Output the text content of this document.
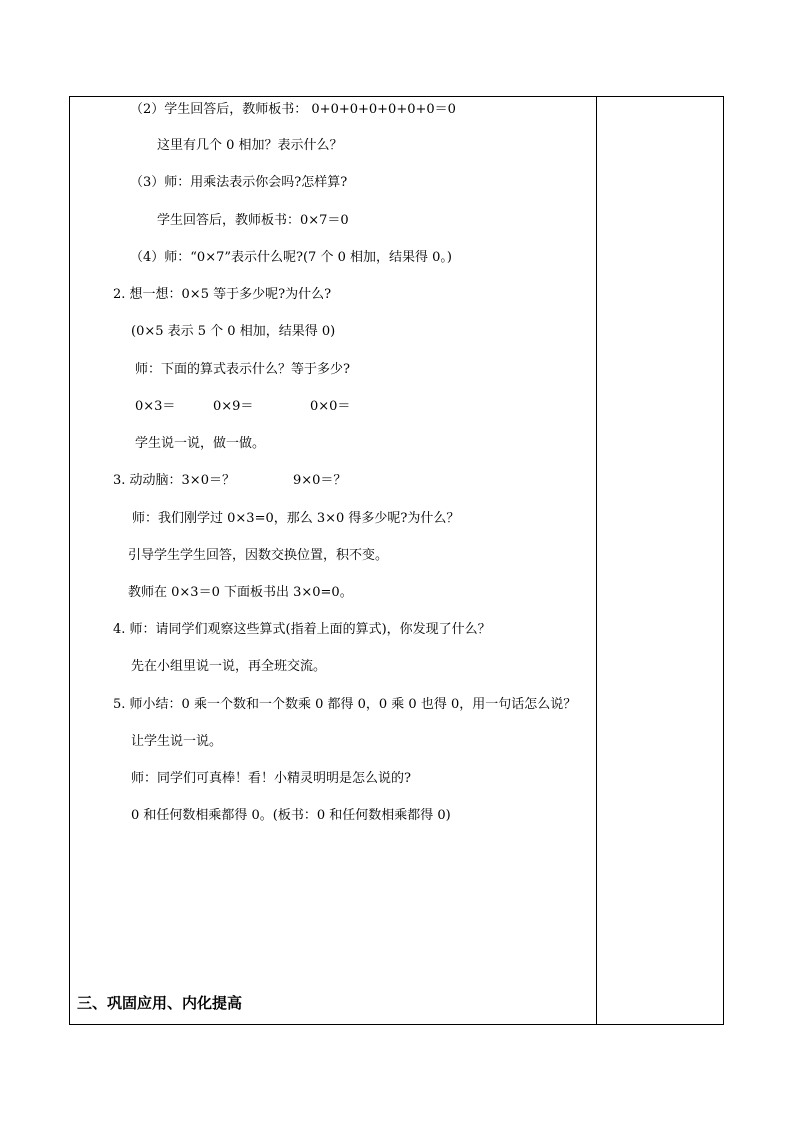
（2）学生回答后，教师板书： 0+0+0+0+0+0+0＝0
这里有几个 0 相加？表示什么？
（3）师：用乘法表示你会吗?怎样算?
学生回答后，教师板书：0×7＝0
（4）师：“0×7”表示什么呢?(7 个 0 相加，结果得 0。)
2. 想一想：0×5 等于多少呢?为什么?
(0×5 表示 5 个 0 相加，结果得 0)
师：下面的算式表示什么？等于多少?
0×3＝	0×9＝	0×0＝
学生说一说，做一做。
3. 动动脑：3×0＝？	9×0＝？
师：我们刚学过 0×3=0，那么 3×0 得多少呢?为什么？
引导学生学生回答，因数交换位置，积不变。
教师在 0×3＝0 下面板书出 3×0=0。
4. 师：请同学们观察这些算式(指着上面的算式)，你发现了什么？
先在小组里说一说，再全班交流。
5. 师小结：0 乘一个数和一个数乘 0 都得 0，0 乘 0 也得 0，用一句话怎么说？
让学生说一说。
师：同学们可真棒！看！小精灵明明是怎么说的?
0 和任何数相乘都得 0。(板书：0 和任何数相乘都得 0)
三、巩固应用、内化提高
